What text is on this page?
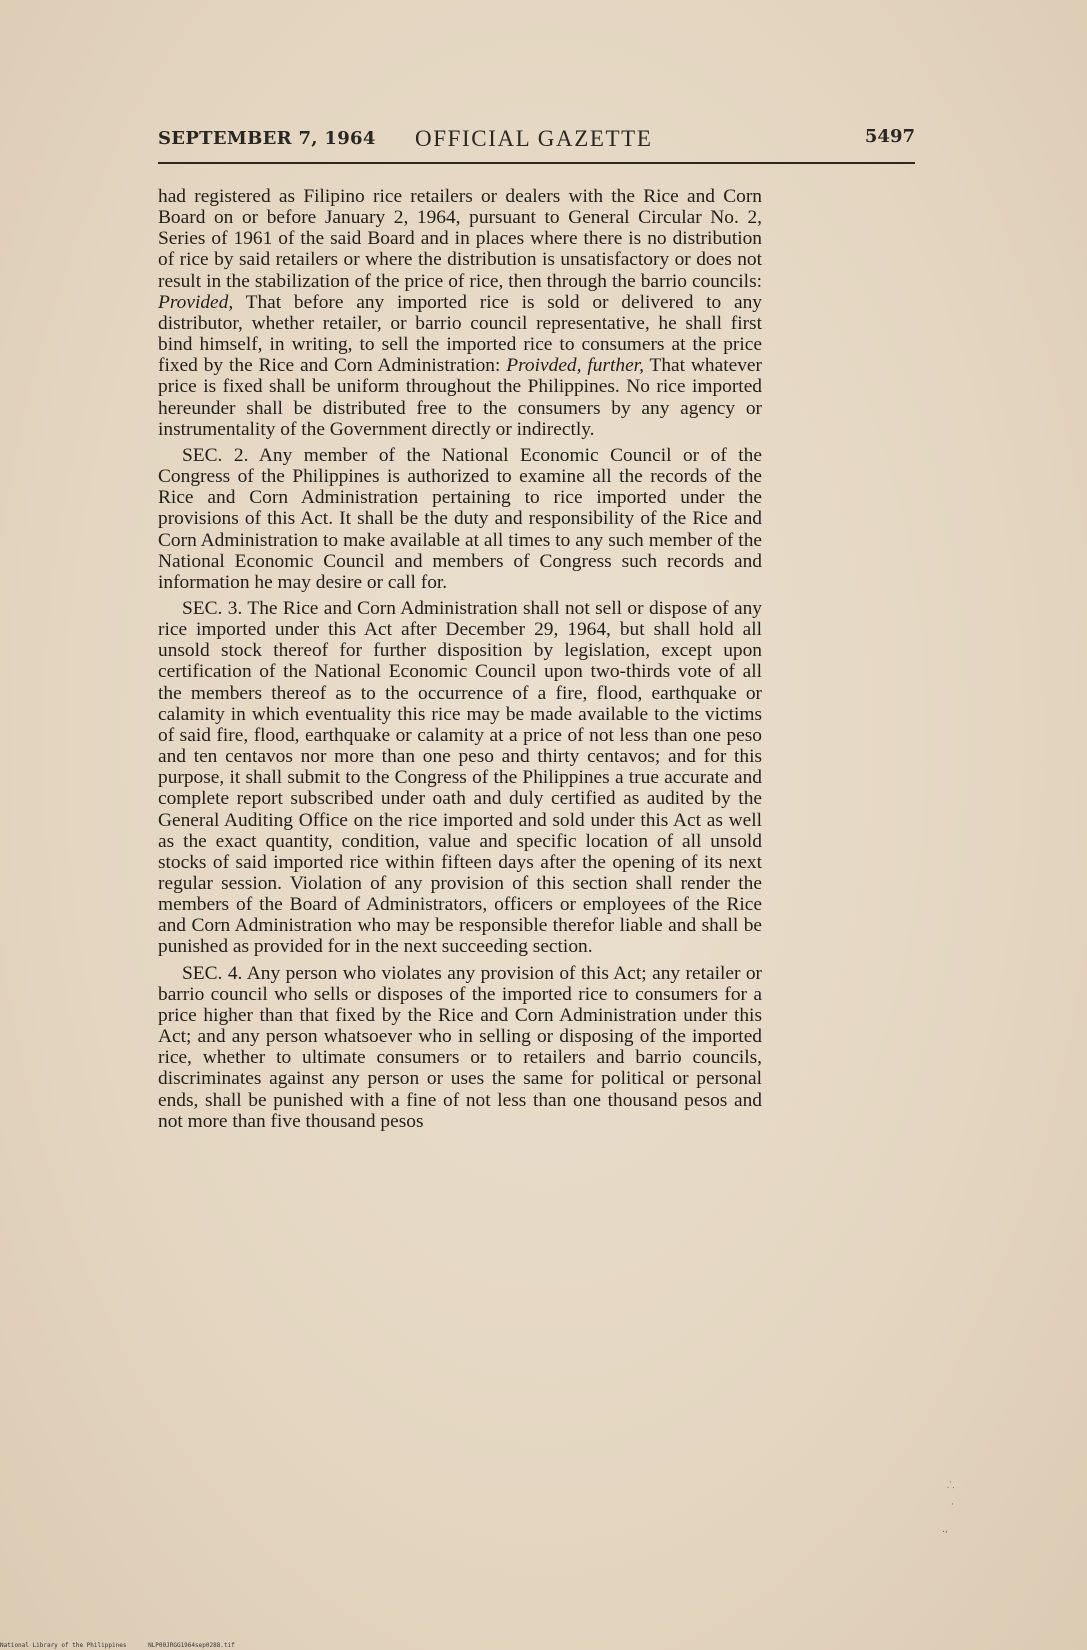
SEPTEMBER 7, 1964 OFFICIAL GAZETTE	5497

had registered as Filipino rice retailers or dealers with the Rice and Corn Board on or before January 2, 1964, pursuant to General Circular No. 2, Series of 1961 of the said Board and in places where there is no distribution of rice by said retailers or where the distribution is unsatisfactory or does not result in the stabilization of the price of rice, then through the barrio councils: Provided, That before any imported rice is sold or delivered to any distributor, whether retailer, or barrio council representative, he shall first bind himself, in writing, to sell the imported rice to consumers at the price fixed by the Rice and Corn Administration: Proivded, further, That whatever price is fixed shall be uniform throughout the Philippines. No rice imported hereunder shall be distributed free to the consumers by any agency or instrumentality of the Government directly or indirectly.

SEC. 2. Any member of the National Economic Council or of the Congress of the Philippines is authorized to examine all the records of the Rice and Corn Administration pertaining to rice imported under the provisions of this Act. It shall be the duty and responsibility of the Rice and Corn Administration to make available at all times to any such member of the National Economic Council and members of Congress such records and information he may desire or call for.

SEC. 3. The Rice and Corn Administration shall not sell or dispose of any rice imported under this Act after December 29, 1964, but shall hold all unsold stock thereof for further disposition by legislation, except upon certification of the National Economic Council upon two-thirds vote of all the members thereof as to the occurrence of a fire, flood, earthquake or calamity in which eventuality this rice may be made available to the victims of said fire, flood, earthquake or calamity at a price of not less than one peso and ten centavos nor more than one peso and thirty centavos; and for this purpose, it shall submit to the Congress of the Philippines a true accurate and complete report subscribed under oath and duly certified as audited by the General Auditing Office on the rice imported and sold under this Act as well as the exact quantity, condition, value and specific location of all unsold stocks of said imported rice within fifteen days after the opening of its next regular session. Violation of any provision of this section shall render the members of the Board of Administrators, officers or employees of the Rice and Corn Administration who may be responsible therefor liable and shall be punished as provided for in the next succeeding section.

SEC. 4. Any person who violates any provision of this Act; any retailer or barrio council who sells or disposes of the imported rice to consumers for a price higher than that fixed by the Rice and Corn Administration under this Act; and any person whatsoever who in selling or disposing of the imported rice, whether to ultimate consumers or to retailers and barrio councils, discriminates against any person or uses the same for political or personal ends, shall be punished with a fine of not less than one thousand pesos and not more than five thousand pesos

⸫
·
.,
National Library of the Philippines	NLP00JRGG1964sep0288.tif
